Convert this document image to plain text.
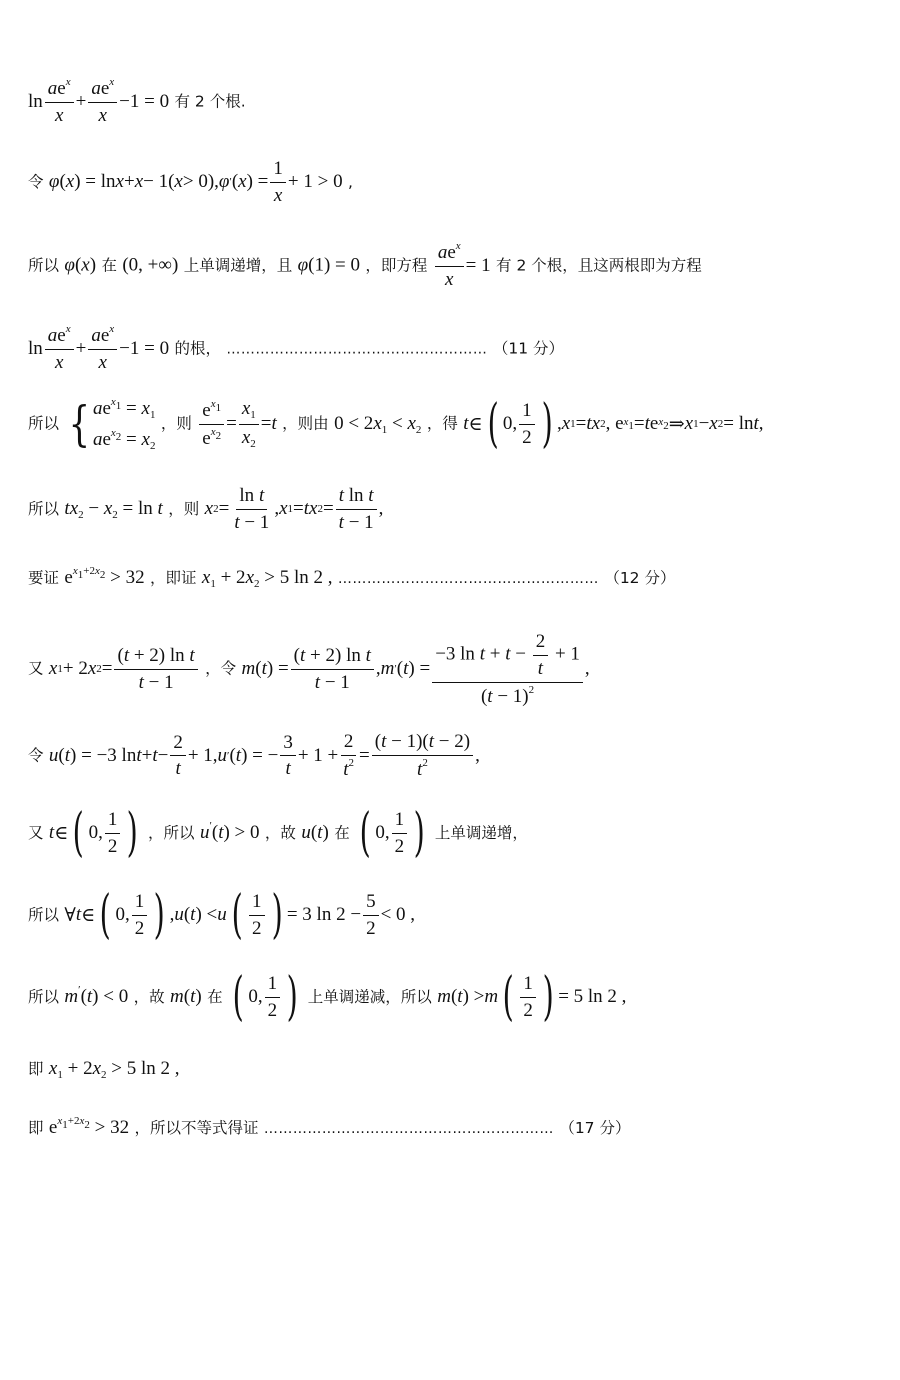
$\ln \frac{ae^x}{x} + \frac{ae^x}{x} -1 = 0$ 有 2 个根.
令 φ ( x ) = ln x + x − 1( x > 0), φ ′ ( x ) = $\frac{1}{x} + 1 > 0$ ,
所以 φ(x) 在 (0, +∞) 上单调递增，且 φ(1) = 0 ，即方程 $\frac{ae^x}{x} = 1$ 有 2 个根，且这两根即为方程
$\ln \frac{ae^x}{x} + \frac{ae^x}{x} -1 = 0$ 的根， ……………………………………………… （11 分）
所以 { $ae^{x_1} = x_1$
$ae^{x_2} = x_2$
，则 $\frac{e^{x_1}}{e^{x_2}} = \frac{x_1}{x_2} = t$ ，则由 $0 < 2x_1 < x_2$ ，得 t ∈ ( 0, $\frac{1}{2}$ ) , x 1 = tx 2 , e $x_1 = t$ e $x_2$ ⇒ x 1 − x 2 = ln t ,
所以 $tx_2 - x_2 = \ln t$ ，则 x $2 = \frac{\text{ln t}}{t - 1}$ , x 1 = tx $2 = \frac{\text{t ln t}}{t - 1}$ ,
要证 $e^{x_1+2x_2} > 32$ ，即证 $x_1 + 2x_2 > 5$ ln 2 , ……………………………………………… （12 分）
又 x 1 + 2 x $2 = \frac{\text{(t + 2) ln t}}{t - 1}$ ，令 m ( t ) = $\frac{\text{(t + 2) ln t}}{t - 1}$ , m ′ ( t ) = $\frac{-3 \ln t + t - \frac{2}{t} + 1}{(t - 1)^2}$ ,
令 u ( t ) = −3 $\ln t + t - \frac{2}{t} + 1$, u ′ ( t ) = − $\frac{3}{t} + 1 + \frac{2}{t^2} = \frac{(t - 1)(t - 2)}{t^2}$ ,
又 t ∈ ( 0, $\frac{1}{2}$ ) ，所以 u′(t) > 0 ，故 u(t) 在 ( 0, $\frac{1}{2}$ ) 上单调递增，
所以 ∀ t ∈ ( 0, $\frac{1}{2}$ ) , u ( t ) < u ( $\frac{1}{2}$ ) = 3 $\ln 2 - \frac{5}{2} < 0$ ,
所以 m′(t) < 0 ，故 m(t) 在 ( 0, $\frac{1}{2}$ ) 上单调递减，所以 m ( t ) > m ( $\frac{1}{2}$ ) = 5 ln 2 ,
即 $x_1 + 2x_2 > 5$ ln 2 ,
即 $e^{x_1+2x_2} > 32$ ，所以不等式得证 …………………………………………………… （17 分）
